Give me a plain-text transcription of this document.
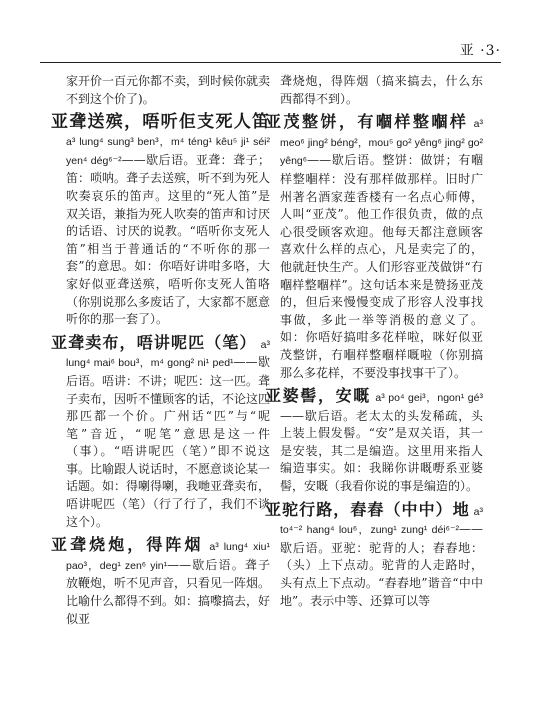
亚 ·3·

家开价一百元你都不卖，到时候你就卖不到这个价了)。

亚聋送殡，唔听佢支死人笛 a³ lung⁴ sung³ ben³，m⁴ téng¹ kêu⁵ ji¹ séi² yen⁴ dég⁶⁻²——歇后语。亚聋：聋子；笛：唢呐。聋子去送殡，听不到为死人吹奏哀乐的笛声。这里的“死人笛”是双关语，兼指为死人吹奏的笛声和讨厌的话语、讨厌的说教。“唔听你支死人笛”相当于普通话的“不听你的那一套”的意思。如：你唔好讲咁多咯，大家好似亚聋送殡，唔听你支死人笛咯（你别说那么多废话了，大家都不愿意听你的那一套了）。

亚聋卖布，唔讲呢匹（笔） a³ lung⁴ mai⁶ bou³，m⁴ gong² ni¹ ped¹——歇后语。唔讲：不讲；呢匹：这一匹。聋子卖布，因听不懂顾客的话，不论这匹那匹都一个价。广州话“匹”与“呢笔”音近，“呢笔”意思是这一件（事）。“唔讲呢匹（笔）”即不说这事。比喻跟人说话时，不愿意谈论某一话题。如：得喇得喇，我哋亚聋卖布，唔讲呢匹（笔）（行了行了，我们不谈这个）。

亚聋烧炮，得阵烟 a³ lung⁴ xiu¹ pao³，deg¹ zen⁶ yin¹——歇后语。聋子放鞭炮，听不见声音，只看见一阵烟。比喻什么都得不到。如：搞嚟搞去，好似亚

聋烧炮，得阵烟（搞来搞去，什么东西都得不到）。

亚茂整饼，有嗰样整嗰样 a³ meo⁶ jing² béng²，mou⁵ go² yêng⁶ jing² go² yêng⁶——歇后语。整饼：做饼；有嗰样整嗰样：没有那样做那样。旧时广州著名酒家莲香楼有一名点心师傅，人叫“亚茂”。他工作很负责，做的点心很受顾客欢迎。他每天都注意顾客喜欢什么样的点心，凡是卖完了的，他就赶快生产。人们形容亚茂做饼“冇嗰样整嗰样”。这句话本来是赞扬亚茂的，但后来慢慢变成了形容人没事找事做，多此一举等消极的意义了。如：你唔好搞咁多花样啦，咪好似亚茂整饼，冇嗰样整嗰样嘅啦（你别搞那么多花样，不要没事找事干了）。

亚婆髻，安嘅 a³ po⁴ gei³，ngon¹ gé³——歇后语。老太太的头发稀疏，头上装上假发髻。“安”是双关语，其一是安装，其二是编造。这里用来指人编造事实。如：我睇你讲嘅嘢系亚婆髻，安嘅（我看你说的事是编造的）。

亚驼行路，舂舂（中中）地 a³ to⁴⁻² hang⁴ lou⁶，zung¹ zung¹ déi⁶⁻²——歇后语。亚驼：驼背的人；舂舂地：（头）上下点动。驼背的人走路时，头有点上下点动。“舂舂地”谐音“中中地”。表示中等、还算可以等
